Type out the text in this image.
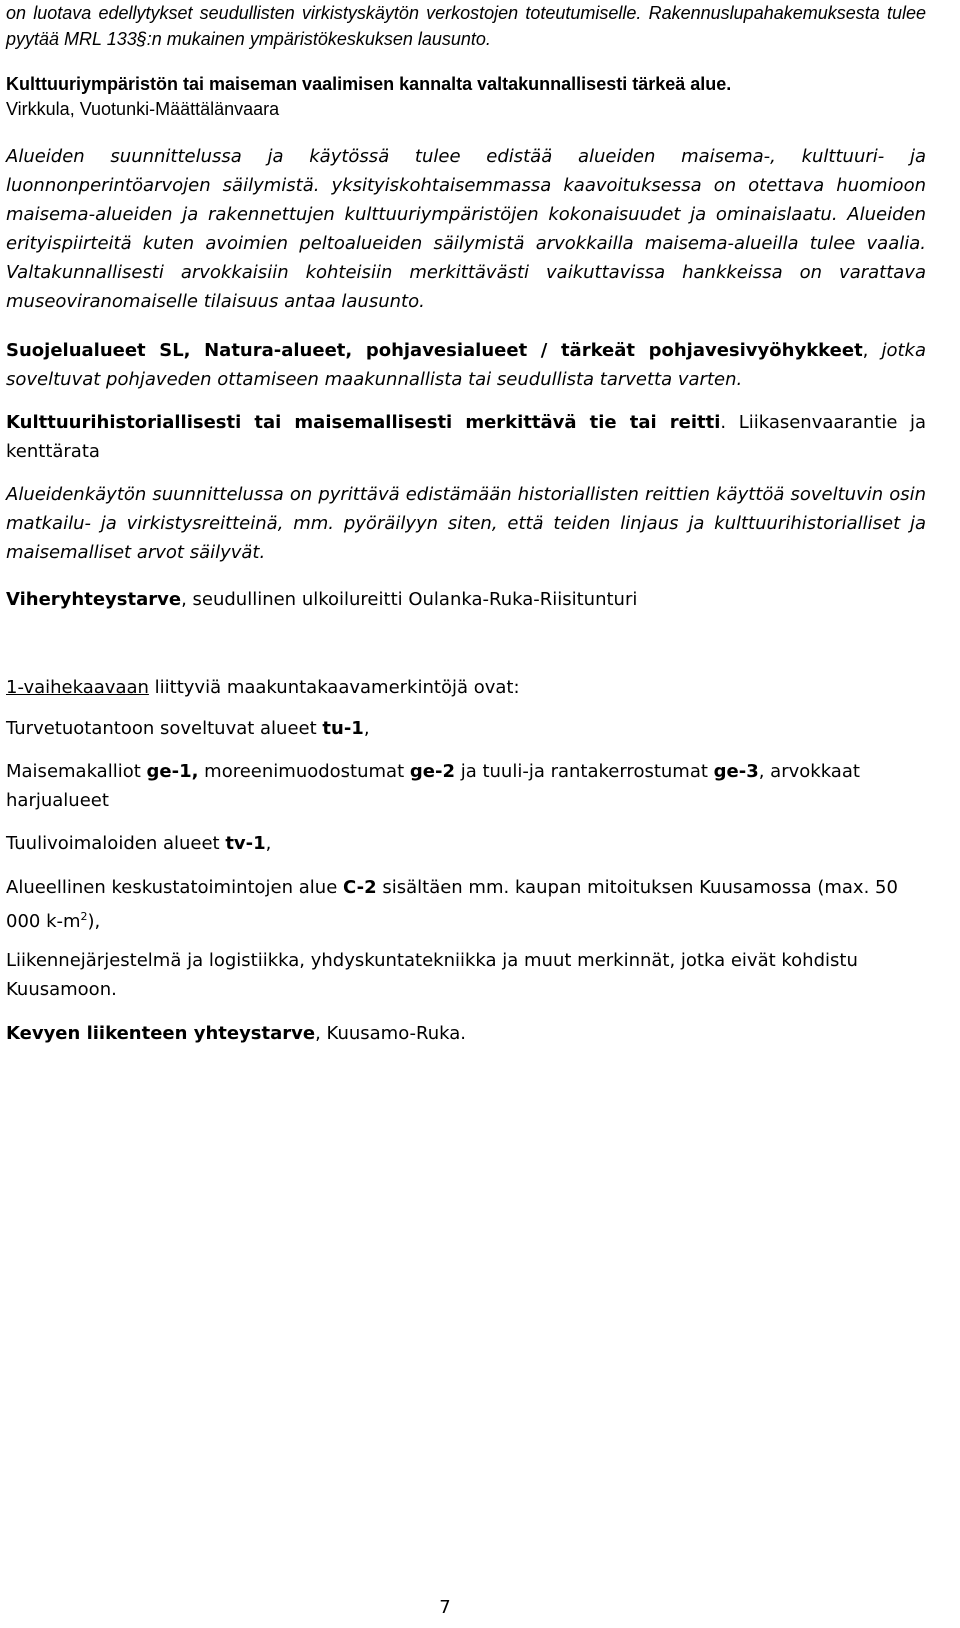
on luotava edellytykset seudullisten virkistyskäytön verkostojen toteutumiselle. Rakennuslupahakemuksesta tulee pyytää MRL 133§:n mukainen ympäristökeskuksen lausunto.

Kulttuuriympäristön tai maiseman vaalimisen kannalta valtakunnallisesti tärkeä alue.
Virkkula, Vuotunki-Määttälänvaara

Alueiden suunnittelussa ja käytössä tulee edistää alueiden maisema-, kulttuuri- ja luonnonperintöarvojen säilymistä. yksityiskohtaisemmassa kaavoituksessa on otettava huomioon maisema-alueiden ja rakennettujen kulttuuriympäristöjen kokonaisuudet ja ominaislaatu. Alueiden erityispiirteitä kuten avoimien peltoalueiden säilymistä arvokkailla maisema-alueilla tulee vaalia. Valtakunnallisesti arvokkaisiin kohteisiin merkittävästi vaikuttavissa hankkeissa on varattava museoviranomaiselle tilaisuus antaa lausunto.

Suojelualueet SL, Natura-alueet, pohjavesialueet / tärkeät pohjavesivyöhykkeet, jotka soveltuvat pohjaveden ottamiseen maakunnallista tai seudullista tarvetta varten.

Kulttuurihistoriallisesti tai maisemallisesti merkittävä tie tai reitti. Liikasenvaarantie ja kenttärata

Alueidenkäytön suunnittelussa on pyrittävä edistämään historiallisten reittien käyttöä soveltuvin osin matkailu- ja virkistysreitteinä, mm. pyöräilyyn siten, että teiden linjaus ja kulttuurihistorialliset ja maisemalliset arvot säilyvät.

Viheryhteystarve, seudullinen ulkoilureitti Oulanka-Ruka-Riisitunturi

1-vaihekaavaan liittyviä maakuntakaavamerkintöjä ovat:

Turvetuotantoon soveltuvat alueet tu-1,

Maisemakalliot ge-1, moreenimuodostumat ge-2 ja tuuli-ja rantakerrostumat ge-3, arvokkaat harjualueet

Tuulivoimaloiden alueet tv-1,

Alueellinen keskustatoimintojen alue C-2 sisältäen mm. kaupan mitoituksen Kuusamossa (max. 50 000 $k-m^2$),

Liikennejärjestelmä ja logistiikka, yhdyskuntatekniikka ja muut merkinnät, jotka eivät kohdistu Kuusamoon.

Kevyen liikenteen yhteystarve, Kuusamo-Ruka.

7
